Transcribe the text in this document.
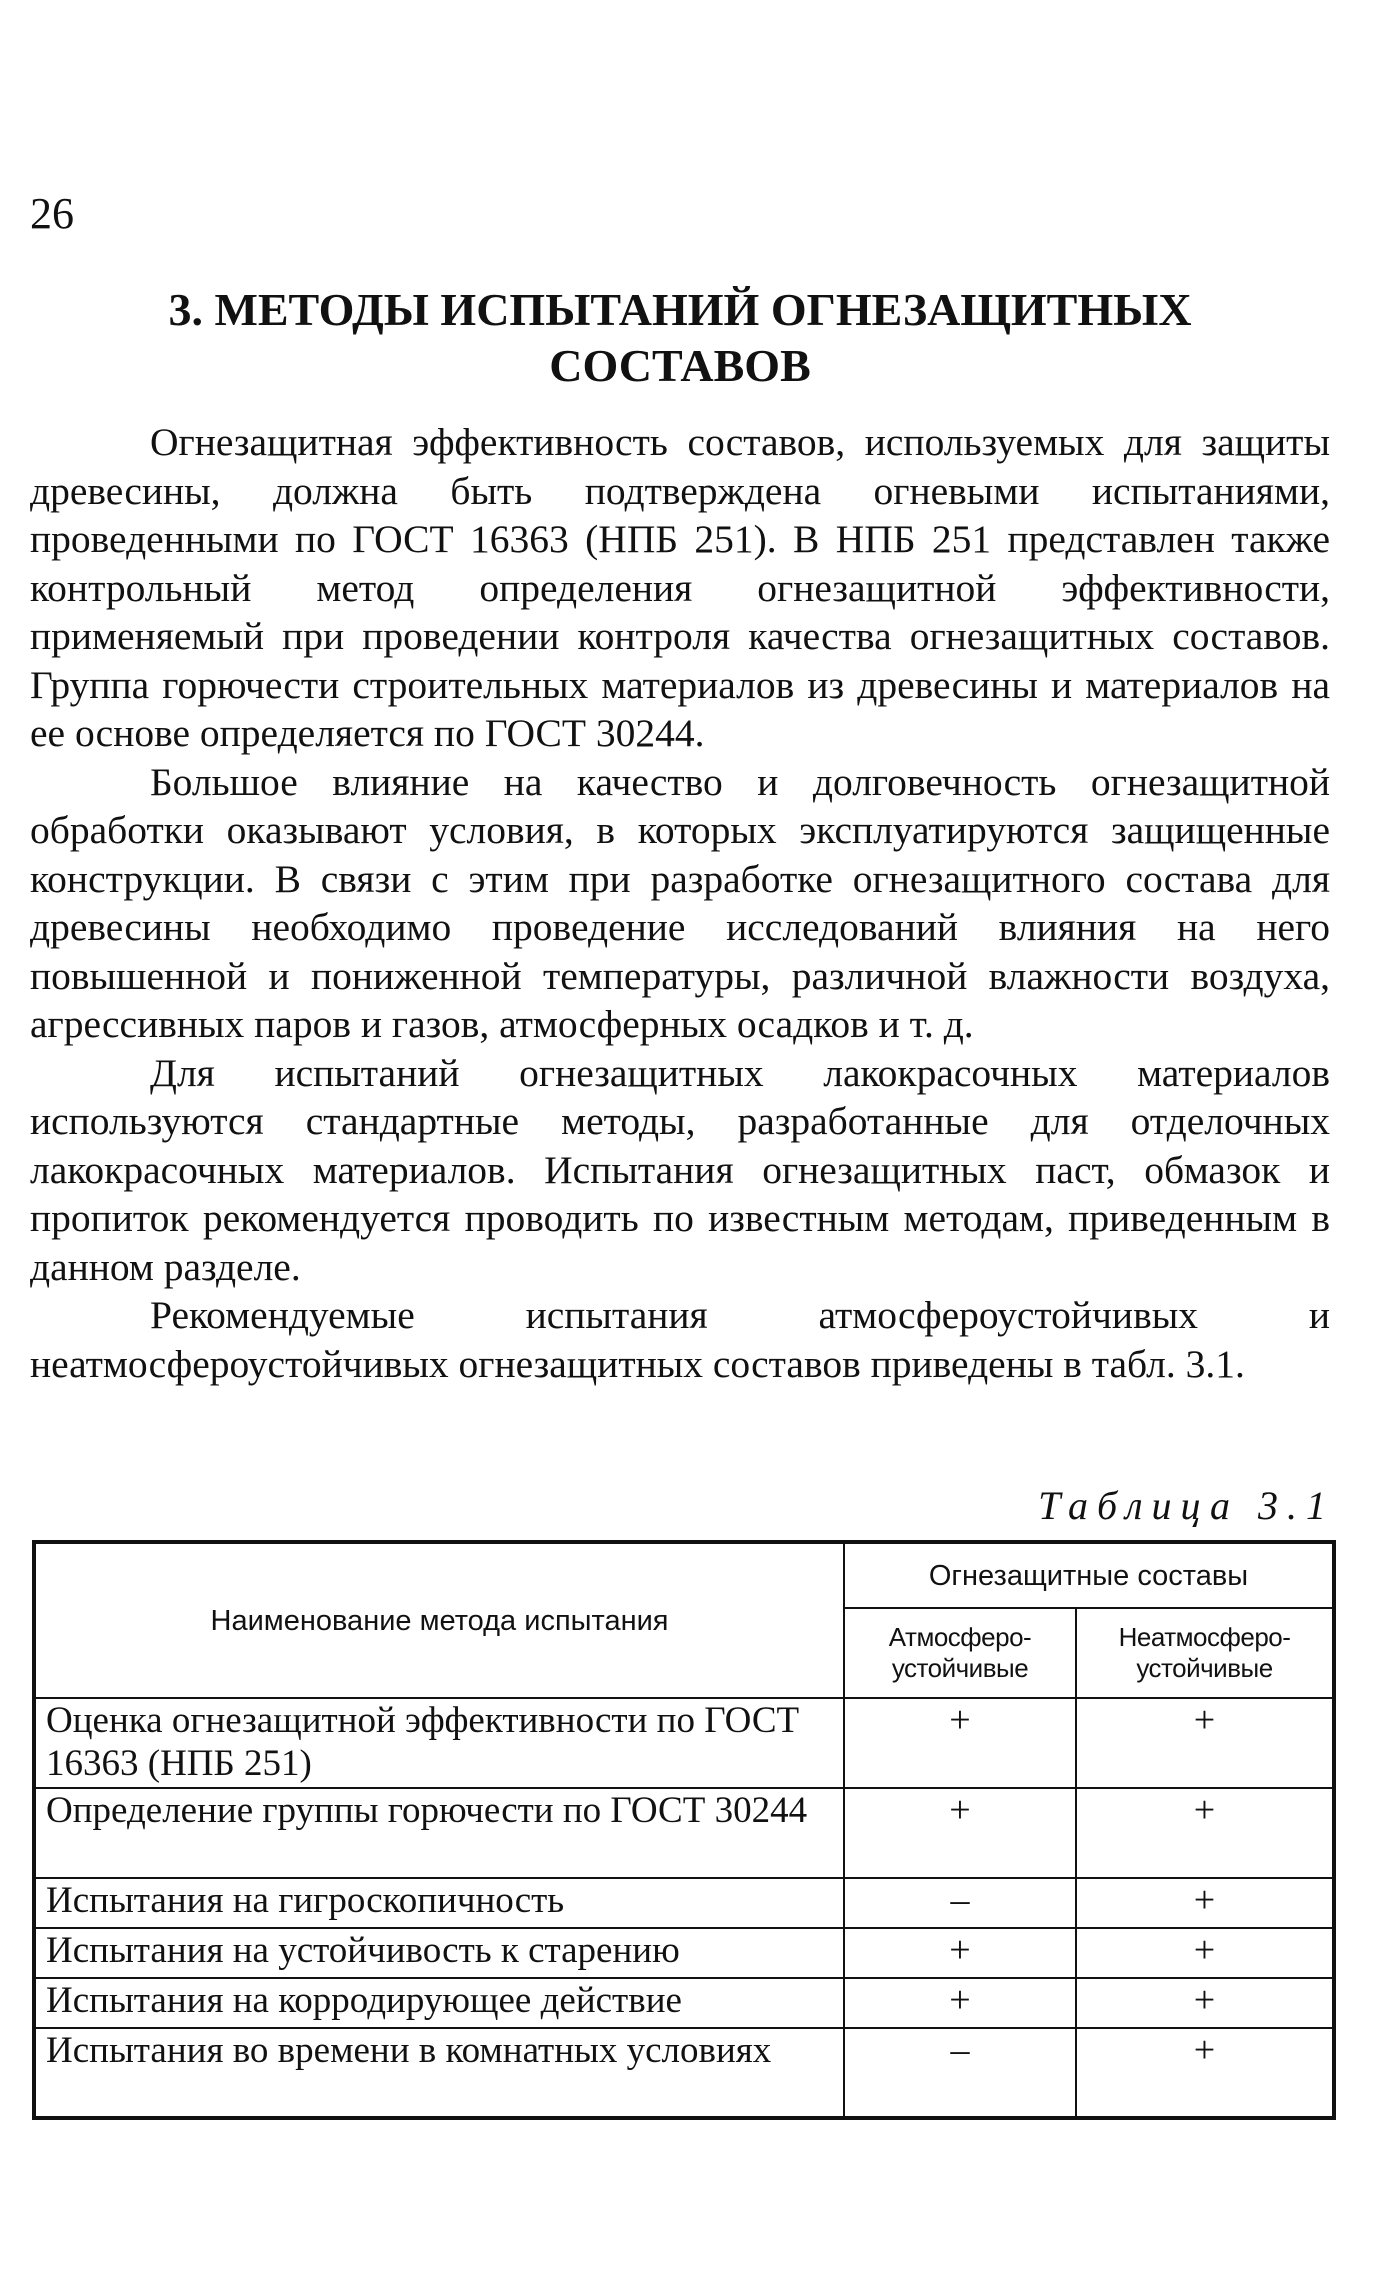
26
3. МЕТОДЫ ИСПЫТАНИЙ ОГНЕЗАЩИТНЫХ
СОСТАВОВ

Огнезащитная эффективность составов, используемых для защиты древесины, должна быть подтверждена огневыми испытаниями, проведенными по ГОСТ 16363 (НПБ 251). В НПБ 251 представлен также контрольный метод определения огнезащитной эффективности, применяемый при проведении контроля качества огнезащитных составов. Группа горючести строительных материалов из древесины и материалов на ее основе определяется по ГОСТ 30244.

Большое влияние на качество и долговечность огнезащитной обработки оказывают условия, в которых эксплуатируются защищенные конструкции. В связи с этим при разработке огнезащитного состава для древесины необходимо проведение исследований влияния на него повышенной и пониженной температуры, различной влажности воздуха, агрессивных паров и газов, атмосферных осадков и т. д.

Для испытаний огнезащитных лакокрасочных материалов используются стандартные методы, разработанные для отделочных лакокрасочных материалов. Испытания огнезащитных паст, обмазок и пропиток рекомендуется проводить по известным методам, приведенным в данном разделе.

Рекомендуемые испытания атмосфероустойчивых и неатмосфероустойчивых огнезащитных составов приведены в табл. 3.1.

Таблица 3.1
Наименование метода испытания	Огнезащитные составы	
	Атмосферо-устойчивые	Неатмосферо-устойчивые
Оценка огнезащитной эффективности по ГОСТ 16363 (НПБ 251)	+	+
Определение группы горючести по ГОСТ 30244	+	+
Испытания на гигроскопичность	–	+
Испытания на устойчивость к старению	+	+
Испытания на корродирующее действие	+	+
Испытания во времени в комнатных условиях	–	+
